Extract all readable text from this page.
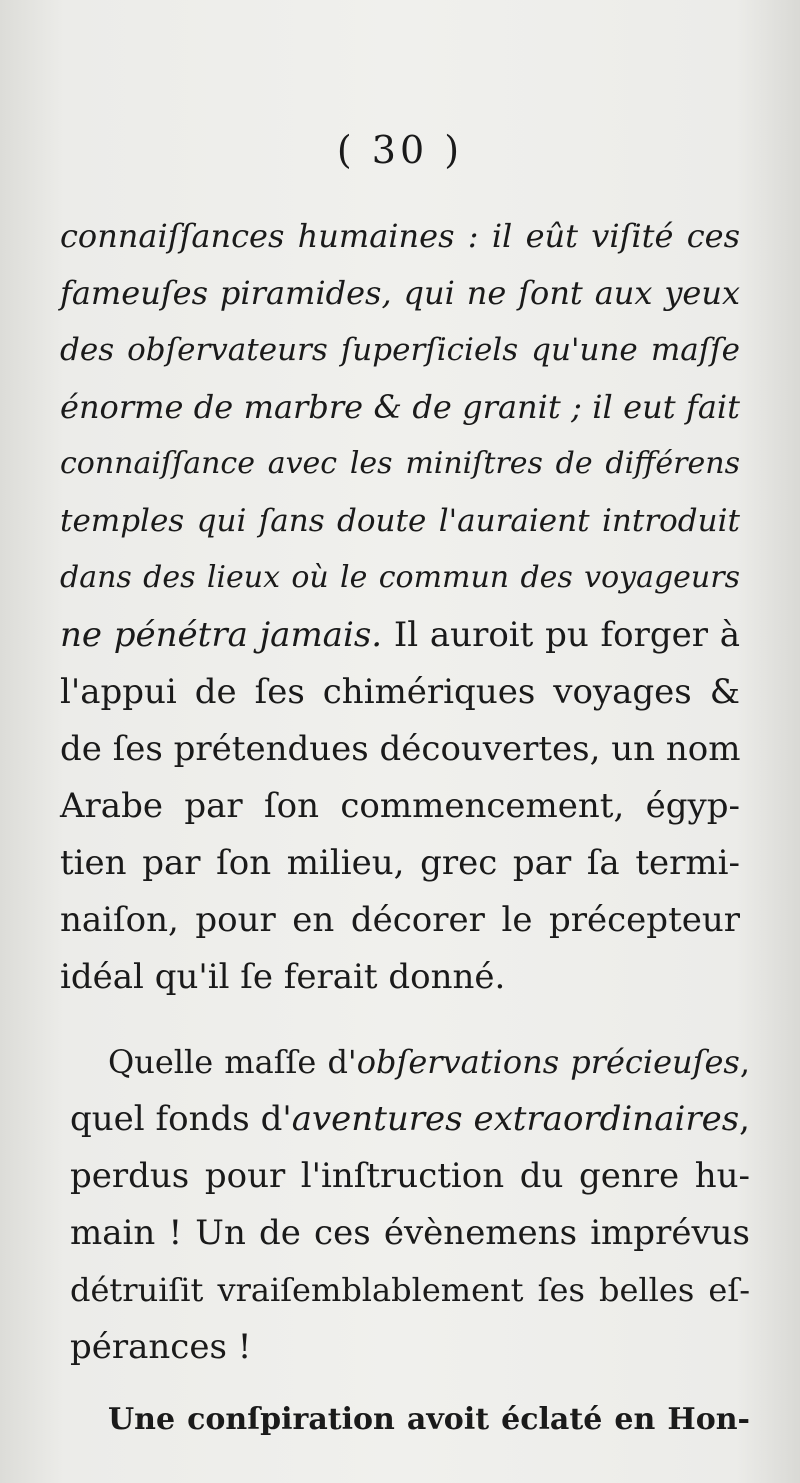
( 30 )
connaiſſances humaines : il eût viſité ces
fameuſes piramides, qui ne ſont aux yeux
des obſervateurs ſuperſiciels qu'une maſſe
énorme de marbre & de granit ; il eut fait
connaiſſance avec les miniſtres de différens
temples qui ſans doute l'auraient introduit
dans des lieux où le commun des voyageurs
ne pénétra jamais. Il auroit pu forger à
l'appui de ſes chimériques voyages &
de ſes prétendues découvertes, un nom
Arabe par ſon commencement, égyp-
tien par ſon milieu, grec par ſa termi-
naiſon, pour en décorer le précepteur
idéal qu'il ſe ferait donné.
Quelle maſſe d'obſervations précieuſes,
quel fonds d'aventures extraordinaires,
perdus pour l'inſtruction du genre hu-
main ! Un de ces évènemens imprévus
détruiſit vraiſemblablement ſes belles eſ-
pérances !
Une conſpiration avoit éclaté en Hon-
